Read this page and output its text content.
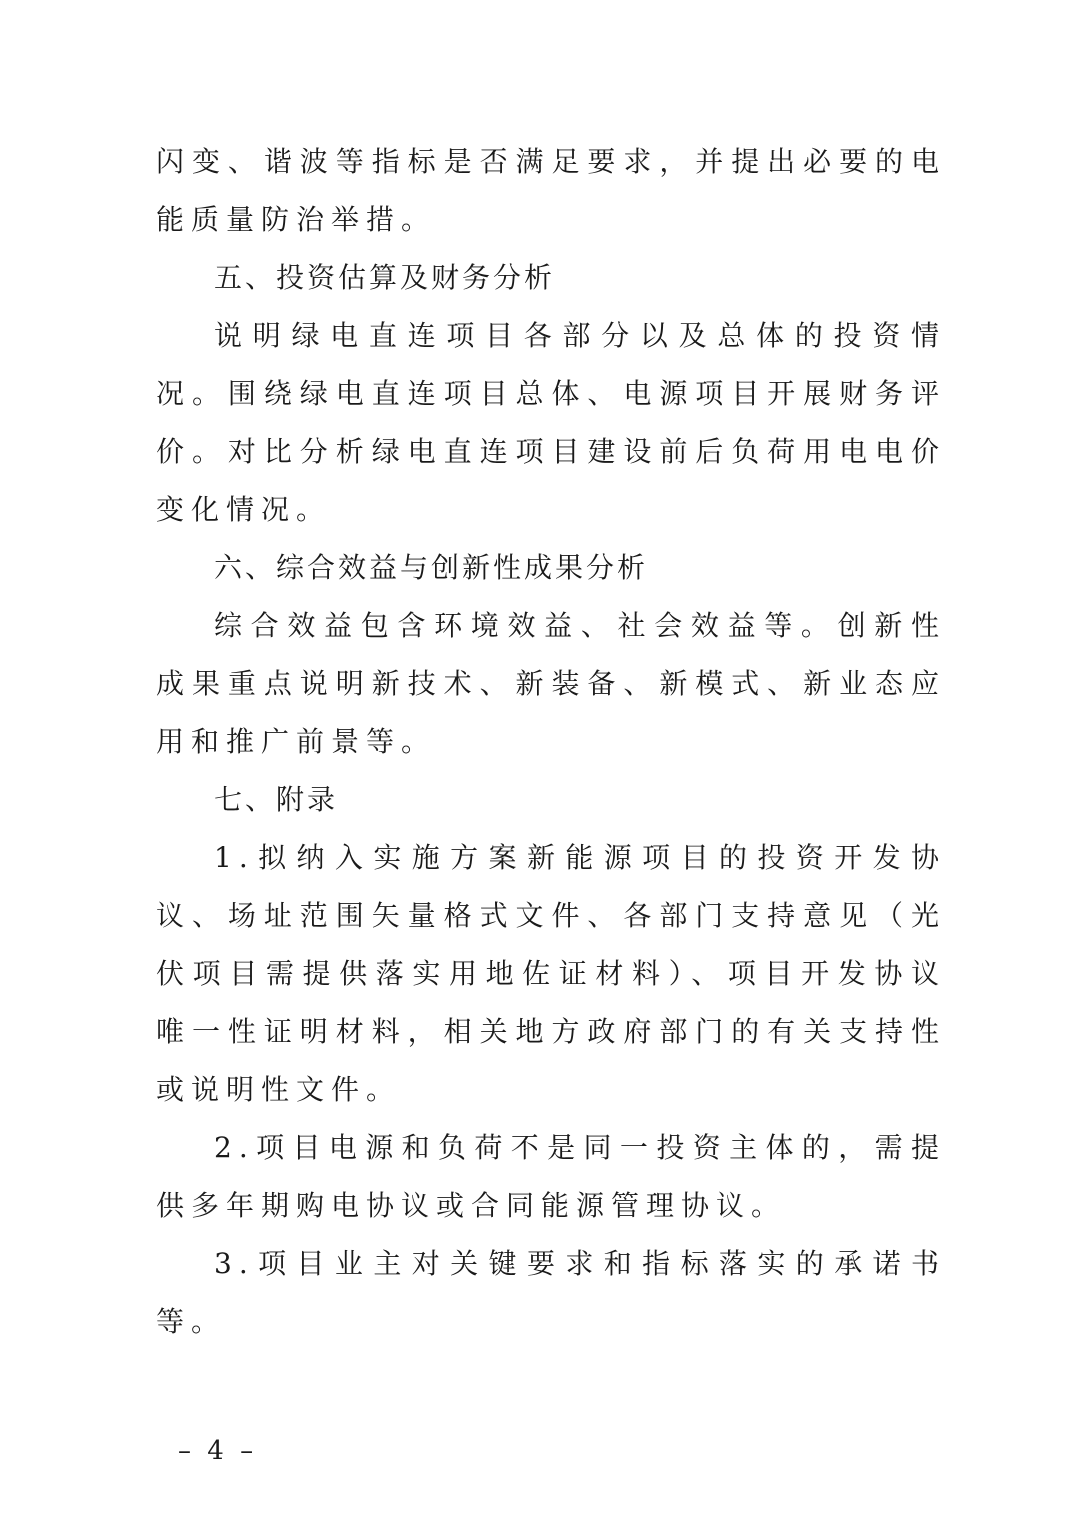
闪变、谐波等指标是否满足要求，并提出必要的电能质量防治举措。

五、投资估算及财务分析

说明绿电直连项目各部分以及总体的投资情况。围绕绿电直连项目总体、电源项目开展财务评价。对比分析绿电直连项目建设前后负荷用电电价变化情况。

六、综合效益与创新性成果分析

综合效益包含环境效益、社会效益等。创新性成果重点说明新技术、新装备、新模式、新业态应用和推广前景等。

七、附录

1.拟纳入实施方案新能源项目的投资开发协议、场址范围矢量格式文件、各部门支持意见（光伏项目需提供落实用地佐证材料）、项目开发协议唯一性证明材料，相关地方政府部门的有关支持性或说明性文件。

2.项目电源和负荷不是同一投资主体的，需提供多年期购电协议或合同能源管理协议。

3.项目业主对关键要求和指标落实的承诺书等。

– 4 –
